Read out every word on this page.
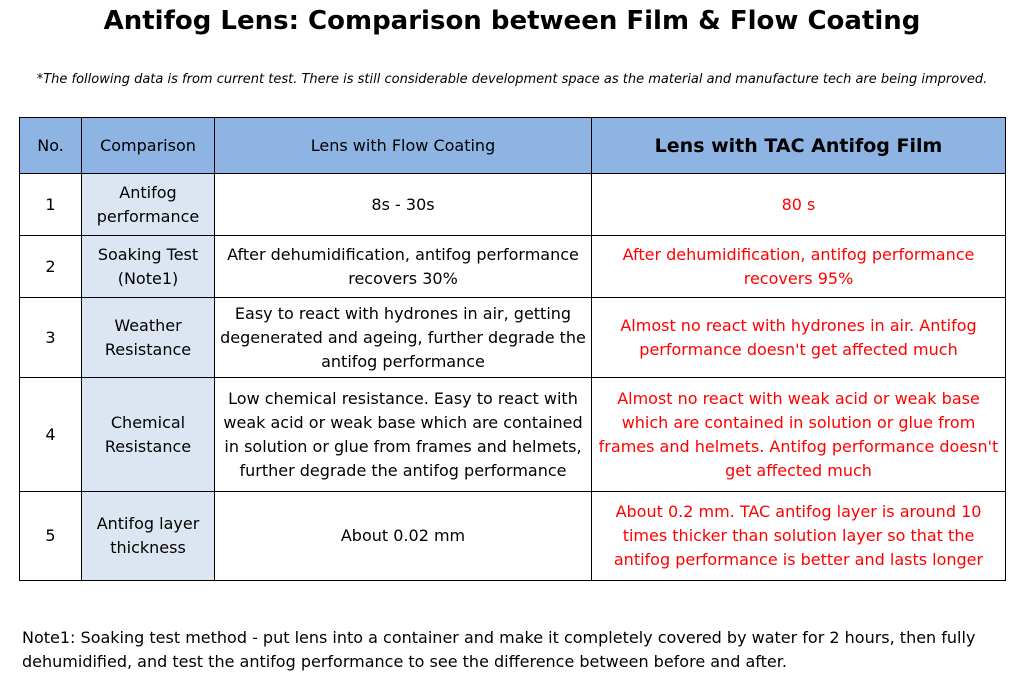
Antifog Lens: Comparison between Film & Flow Coating
*The following data is from current test. There is still considerable development space as the material and manufacture tech are being improved.
No.	Comparison	Lens with Flow Coating	Lens with TAC Antifog Film
1	Antifog performance	8s - 30s	80 s
2	Soaking Test (Note1)	After dehumidification, antifog performance recovers 30%	After dehumidification, antifog performance recovers 95%
3	Weather Resistance	Easy to react with hydrones in air, getting degenerated and ageing, further degrade the antifog performance	Almost no react with hydrones in air. Antifog performance doesn't get affected much
4	Chemical Resistance	Low chemical resistance. Easy to react with weak acid or weak base which are contained in solution or glue from frames and helmets, further degrade the antifog performance	Almost no react with weak acid or weak base which are contained in solution or glue from frames and helmets. Antifog performance doesn't get affected much
5	Antifog layer thickness	About 0.02 mm	About 0.2 mm. TAC antifog layer is around 10 times thicker than solution layer so that the antifog performance is better and lasts longer
Note1: Soaking test method - put lens into a container and make it completely covered by water for 2 hours, then fully dehumidified, and test the antifog performance to see the difference between before and after.
